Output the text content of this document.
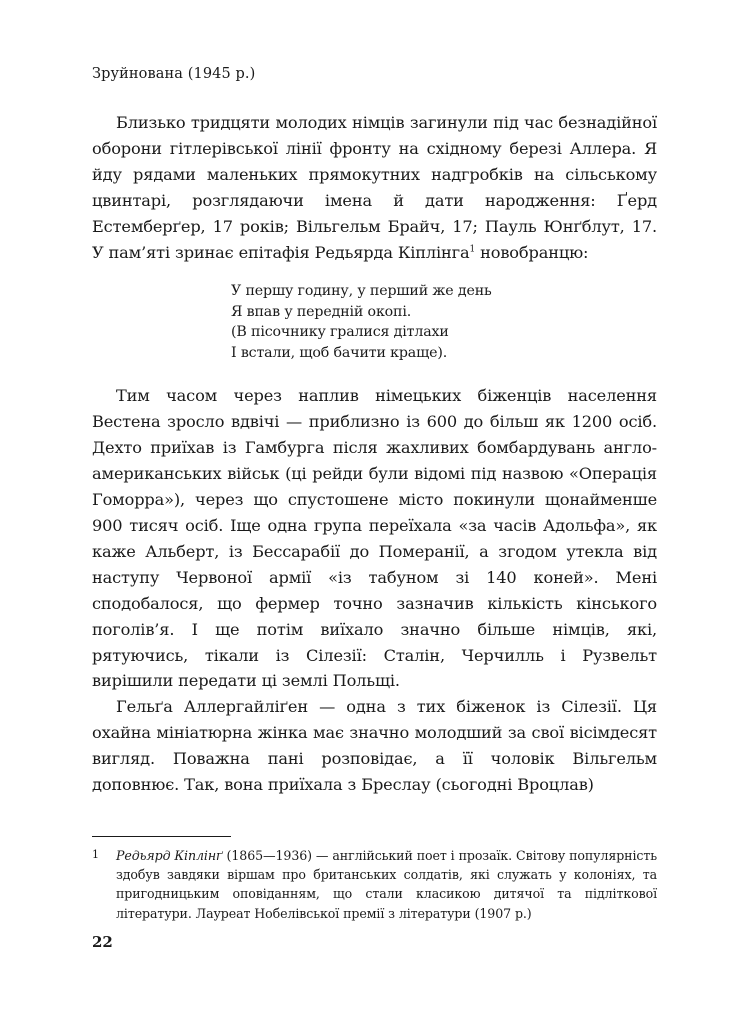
Зруйнована (1945 р.)

Близько тридцяти молодих німців загинули під час безнадійної оборони гітлерівської лінії фронту на східному березі Аллера. Я йду рядами маленьких прямокутних надгробків на сільському цвинтарі, розглядаючи імена й дати народження: Ґерд Естемберґер, 17 років; Вільгельм Брайч, 17; Пауль Юнґблут, 17. У пам’яті зринає епітафія Редьярда Кіплінга$^1$ новобранцю:

У першу годину, у перший же день
Я впав у передній окопі.
(В пісочнику гралися дітлахи
І встали, щоб бачити краще).

Тим часом через наплив німецьких біженців населення Вестена зросло вдвічі — приблизно із 600 до більш як 1200 осіб. Дехто приїхав із Гамбурга після жахливих бомбардувань англо-американських військ (ці рейди були відомі під назвою «Операція Гоморра»), через що спустошене місто покинули щонайменше 900 тисяч осіб. Іще одна група переїхала «за часів Адольфа», як каже Альберт, із Бессарабії до Померанії, а згодом утекла від наступу Червоної армії «із табуном зі 140 коней». Мені сподобалося, що фермер точно зазначив кількість кінського поголів’я. І ще потім виїхало значно більше німців, які, рятуючись, тікали із Сілезії: Сталін, Черчилль і Рузвельт вирішили передати ці землі Польщі.

Гельґа Аллергайліґен — одна з тих біженок із Сілезії. Ця охайна мініатюрна жінка має значно молодший за свої вісімдесят вигляд. Поважна пані розповідає, а її чоловік Вільгельм доповнює. Так, вона приїхала з Бреслау (сьогодні Вроцлав)

1 Редьярд Кіплінґ (1865—1936) — англійський поет і прозаїк. Світову популярність здобув завдяки віршам про британських солдатів, які служать у колоніях, та пригодницьким оповіданням, що стали класикою дитячої та підліткової літератури. Лауреат Нобелівської премії з літератури (1907 р.)
22
